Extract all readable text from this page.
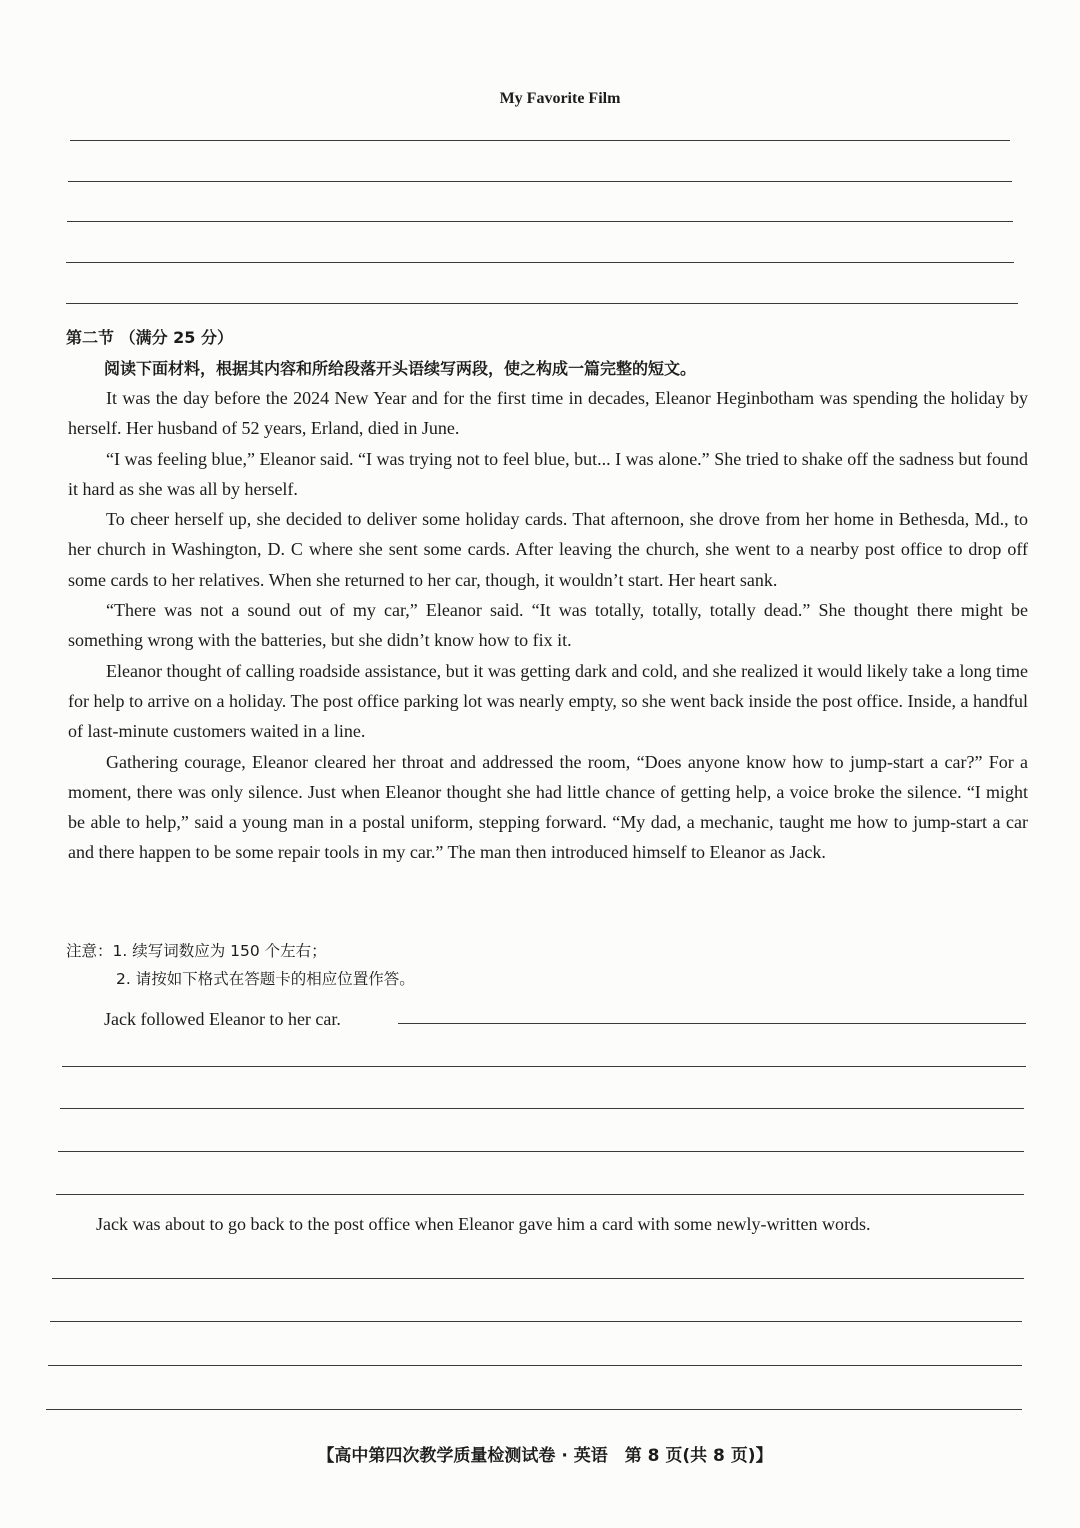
My Favorite Film
第二节 （满分 25 分）
阅读下面材料，根据其内容和所给段落开头语续写两段，使之构成一篇完整的短文。

It was the day before the 2024 New Year and for the first time in decades, Eleanor Heginbotham was spending the holiday by herself. Her husband of 52 years, Erland, died in June.

“I was feeling blue,” Eleanor said. “I was trying not to feel blue, but... I was alone.” She tried to shake off the sadness but found it hard as she was all by herself.

To cheer herself up, she decided to deliver some holiday cards. That afternoon, she drove from her home in Bethesda, Md., to her church in Washington, D. C where she sent some cards. After leaving the church, she went to a nearby post office to drop off some cards to her relatives. When she returned to her car, though, it wouldn’t start. Her heart sank.

“There was not a sound out of my car,” Eleanor said. “It was totally, totally, totally dead.” She thought there might be something wrong with the batteries, but she didn’t know how to fix it.

Eleanor thought of calling roadside assistance, but it was getting dark and cold, and she realized it would likely take a long time for help to arrive on a holiday. The post office parking lot was nearly empty, so she went back inside the post office. Inside, a handful of last-minute customers waited in a line.

Gathering courage, Eleanor cleared her throat and addressed the room, “Does anyone know how to jump-start a car?” For a moment, there was only silence. Just when Eleanor thought she had little chance of getting help, a voice broke the silence. “I might be able to help,” said a young man in a postal uniform, stepping forward. “My dad, a mechanic, taught me how to jump-start a car and there happen to be some repair tools in my car.” The man then introduced himself to Eleanor as Jack.

注意：1. 续写词数应为 150 个左右；
2. 请按如下格式在答题卡的相应位置作答。
Jack followed Eleanor to her car.
Jack was about to go back to the post office when Eleanor gave him a card with some newly-written words.
【高中第四次教学质量检测试卷 · 英语　第 8 页(共 8 页)】
